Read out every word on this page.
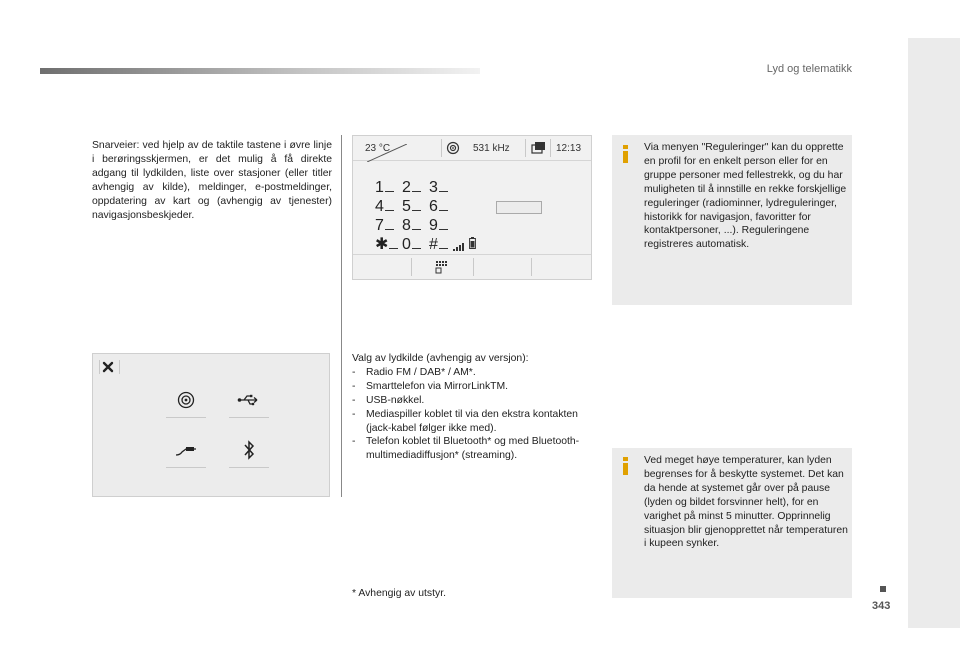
Lyd og telematikk
343
Snarveier: ved hjelp av de taktile tastene i øvre linje i berøringsskjermen, er det mulig å få direkte adgang til lydkilden, liste over stasjoner (eller titler avhengig av kilde), meldinger, e-postmeldinger, oppdatering av kart og (avhengig av tjenester) navigasjonsbeskjeder.
23 °C	531 kHz	12:13
1 2 3
4 5 6
7 8 9
✱ 0 #
Via menyen "Reguleringer" kan du opprette en profil for en enkelt person eller for en gruppe personer med fellestrekk, og du har muligheten til å innstille en rekke forskjellige reguleringer (radiominner, lydreguleringer, historikk for navigasjon, favoritter for kontaktpersoner, ...). Reguleringene registreres automatisk.
Valg av lydkilde (avhengig av versjon):
-	Radio FM / DAB* / AM*.
-	Smarttelefon via MirrorLinkTM.
-	USB-nøkkel.
-	Mediaspiller koblet til via den ekstra kontakten (jack-kabel følger ikke med).
-	Telefon koblet til Bluetooth* og med Bluetooth-multimediadiffusjon* (streaming).	Ved meget høye temperaturer, kan lyden begrenses for å beskytte systemet. Det kan da hende at systemet går over på pause (lyden og bildet forsvinner helt), for en varighet på minst 5 minutter. Opprinnelig situasjon blir gjenopprettet når temperaturen i kupeen synker.
* Avhengig av utstyr.
